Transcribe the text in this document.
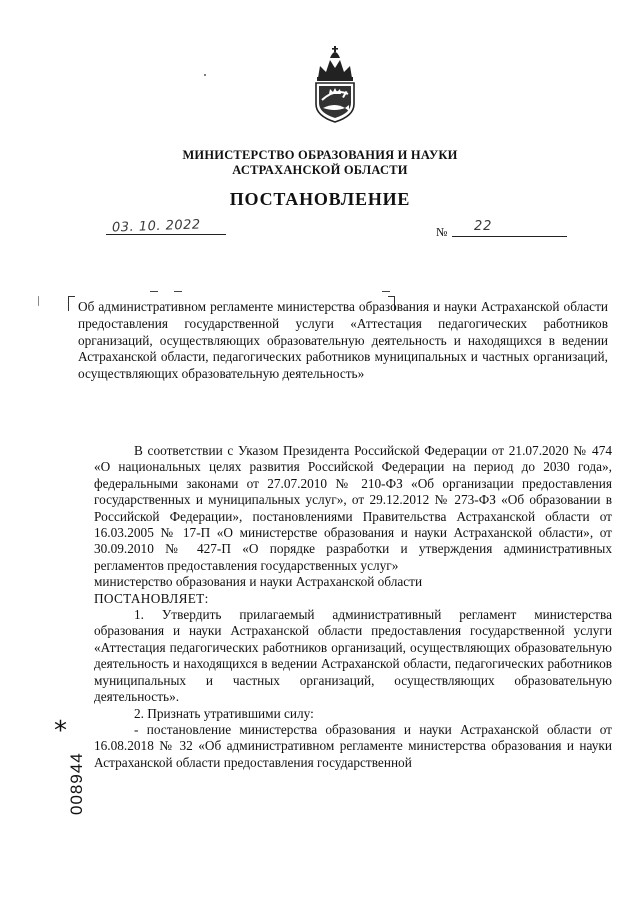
МИНИСТЕРСТВО ОБРАЗОВАНИЯ И НАУКИ
АСТРАХАНСКОЙ ОБЛАСТИ
ПОСТАНОВЛЕНИЕ
03. 10. 2022	№ 22

Об административном регламенте министерства образования и науки Астраханской области предоставления государственной услуги «Аттестация педагогических работников организаций, осуществляющих образовательную деятельность и находящихся в ведении Астраханской области, педагогических работников муниципальных и частных организаций, осуществляющих образовательную деятельность»

В соответствии с Указом Президента Российской Федерации от 21.07.2020 № 474 «О национальных целях развития Российской Федерации на период до 2030 года», федеральными законами от 27.07.2010 № 210-ФЗ «Об организации предоставления государственных и муниципальных услуг», от 29.12.2012 № 273-ФЗ «Об образовании в Российской Федерации», постановлениями Правительства Астраханской области от 16.03.2005 № 17-П «О министерстве образования и науки Астраханской области», от 30.09.2010 № 427-П «О порядке разработки и утверждения административных регламентов предоставления государственных услуг»

министерство образования и науки Астраханской области

ПОСТАНОВЛЯЕТ:

1. Утвердить прилагаемый административный регламент министерства образования и науки Астраханской области предоставления государственной услуги «Аттестация педагогических работников организаций, осуществляющих образовательную деятельность и находящихся в ведении Астраханской области, педагогических работников муниципальных и частных организаций, осуществляющих образовательную деятельность».

2. Признать утратившими силу:

- постановление министерства образования и науки Астраханской области от 16.08.2018 № 32 «Об административном регламенте министерства образования и науки Астраханской области предоставления государственной

*
008944
